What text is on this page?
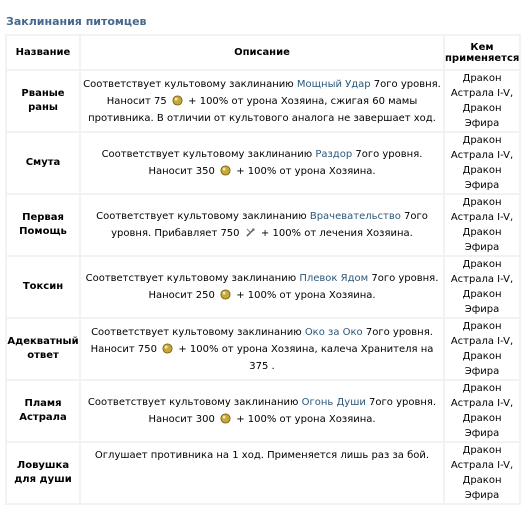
Заклинания питомцев
Название	Описание	Кем
применяется
Рваные
раны	Соответствует культовому заклинанию Мощный Удар 7ого уровня. Наносит 75  + 100% от урона Хозяина, сжигая 60 мамы противника. В отличии от культового аналога не завершает ход.	Дракон
Астрала I-V,
Дракон Эфира
Смута	Соответствует культовому заклинанию Раздор 7ого уровня. Наносит 350  + 100% от урона Хозяина.	Дракон
Астрала I-V,
Дракон Эфира
Первая
Помощь	Соответствует культовому заклинанию Врачевательство 7ого уровня. Прибавляет 750  + 100% от лечения Хозяина.	Дракон
Астрала I-V,
Дракон Эфира
Токсин	Соответствует культовому заклинанию Плевок Ядом 7ого уровня. Наносит 250  + 100% от урона Хозяина.	Дракон
Астрала I-V,
Дракон Эфира
Адекватный
ответ	Соответствует культовому заклинанию Око за Око 7ого уровня. Наносит 750  + 100% от урона Хозяина, калеча Хранителя на 375 .	Дракон
Астрала I-V,
Дракон Эфира
Пламя
Астрала	Соответствует культовому заклинанию Огонь Души 7ого уровня. Наносит 300  + 100% от урона Хозяина.	Дракон
Астрала I-V,
Дракон Эфира
Ловушка
для души	Оглушает противника на 1 ход. Применяется лишь раз за бой.	Дракон
Астрала I-V,
Дракон Эфира
